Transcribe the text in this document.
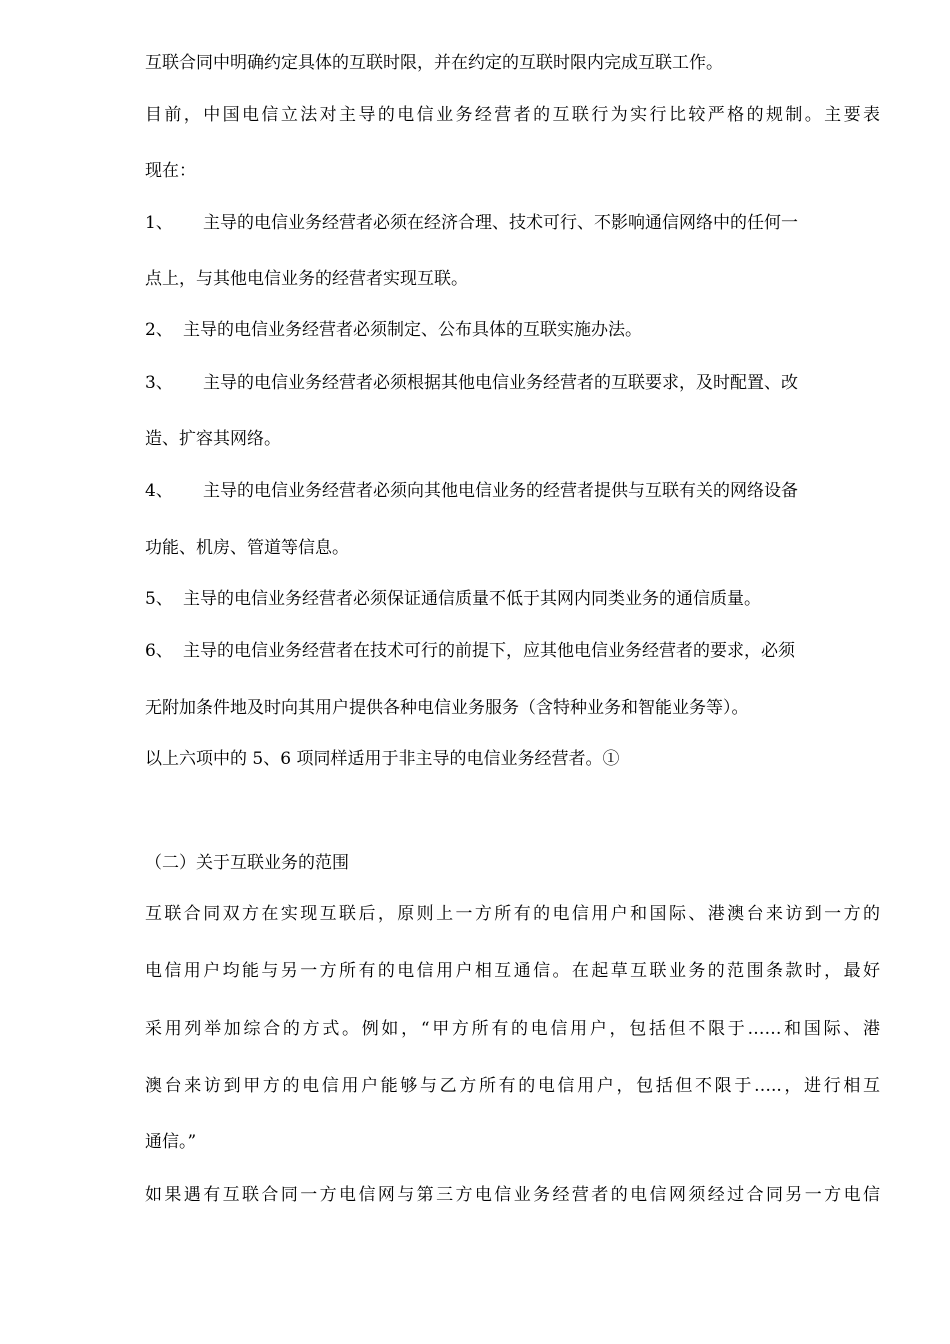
互联合同中明确约定具体的互联时限，并在约定的互联时限内完成互联工作。
目前，中国电信立法对主导的电信业务经营者的互联行为实行比较严格的规制。主要表
现在：
1、 主导的电信业务经营者必须在经济合理、技术可行、不影响通信网络中的任何一
点上，与其他电信业务的经营者实现互联。
2、 主导的电信业务经营者必须制定、公布具体的互联实施办法。
3、 主导的电信业务经营者必须根据其他电信业务经营者的互联要求，及时配置、改
造、扩容其网络。
4、 主导的电信业务经营者必须向其他电信业务的经营者提供与互联有关的网络设备
功能、机房、管道等信息。
5、 主导的电信业务经营者必须保证通信质量不低于其网内同类业务的通信质量。
6、 主导的电信业务经营者在技术可行的前提下，应其他电信业务经营者的要求，必须
无附加条件地及时向其用户提供各种电信业务服务（含特种业务和智能业务等）。
以上六项中的 5、6 项同样适用于非主导的电信业务经营者。①
（二）关于互联业务的范围
互联合同双方在实现互联后，原则上一方所有的电信用户和国际、港澳台来访到一方的
电信用户均能与另一方所有的电信用户相互通信。在起草互联业务的范围条款时，最好
采用列举加综合的方式。例如，“甲方所有的电信用户，包括但不限于……和国际、港
澳台来访到甲方的电信用户能够与乙方所有的电信用户，包括但不限于…..，进行相互
通信。”
如果遇有互联合同一方电信网与第三方电信业务经营者的电信网须经过合同另一方电信
